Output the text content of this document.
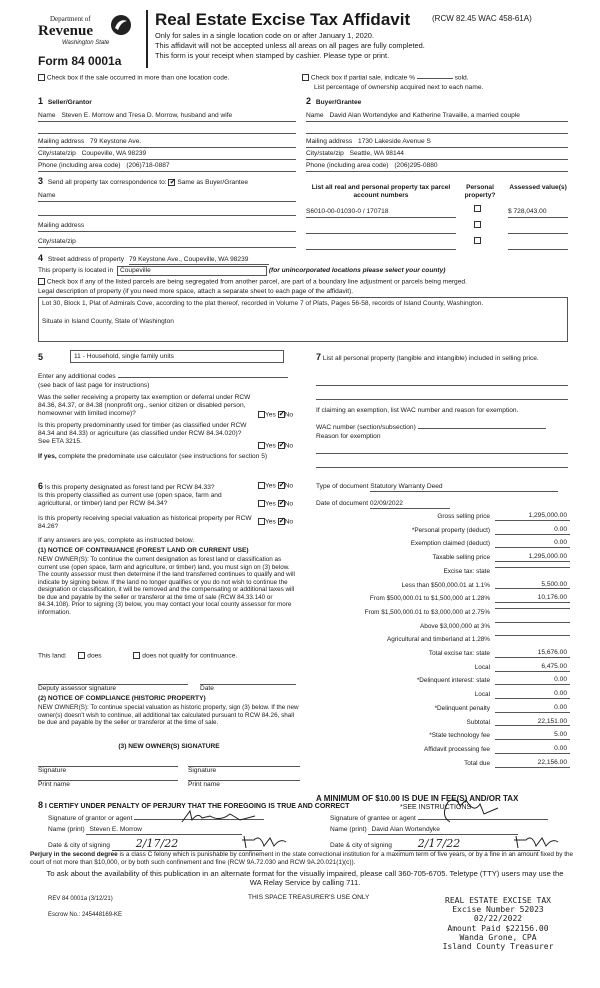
Department of
Revenue
Washington State
Form 84 0001a
Real Estate Excise Tax Affidavit	(RCW 82.45 WAC 458-61A)
Only for sales in a single location code on or after January 1, 2020.
This affidavit will not be accepted unless all areas on all pages are fully completed.
This form is your receipt when stamped by cashier. Please type or print.
Check box if the sale occurred in more than one location code.	Check box if partial sale, indicate %	sold.
List percentage of ownership acquired next to each name.
1 Seller/Grantor
Name Steven E. Morrow and Tresa D. Morrow, husband and wife
Mailing address 79 Keystone Ave.
City/state/zip Coupeville, WA 98239
Phone (including area code) (206)718-0887
2 Buyer/Grantee
Name David Alan Wortendyke and Katherine Travaille, a married couple
Mailing address 1730 Lakeside Avenue S
City/state/zip Seattle, WA 98144
Phone (including area code) (206)295-0880
3 Send all property tax correspondence to: ✓ Same as Buyer/Grantee
Name
Mailing address
City/state/zip
List all real and personal property tax parcel account numbers
Personal property?
Assessed value(s)
S6010-00-01030-0 / 170718	$ 728,043.00
4 Street address of property 79 Keystone Ave., Coupeville, WA 98239
This property is located in Coupeville	(for unincorporated locations please select your county)
Check box if any of the listed parcels are being segregated from another parcel, are part of a boundary line adjustment or parcels being merged.
Legal description of property (if you need more space, attach a separate sheet to each page of the affidavit).
Lot 30, Block 1, Plat of Admirals Cove, according to the plat thereof, recorded in Volume 7 of Plats, Pages 56-58, records of Island County, Washington.
Situate in Island County, State of Washington
5	11 - Household, single family units
Enter any additional codes
(see back of last page for instructions)
Was the seller receiving a property tax exemption or deferral under RCW 84.36, 84.37, or 84.38 (nonprofit org., senior citizen or disabled person, homeowner with limited income)?	Yes ✓ No
Is this property predominantly used for timber (as classified under RCW 84.34 and 84.33) or agriculture (as classified under RCW 84.34.020)? See ETA 3215.
Yes ✓ No
If yes, complete the predominate use calculator (see instructions for section 5)
7 List all personal property (tangible and intangible) included in selling price.
If claiming an exemption, list WAC number and reason for exemption.
WAC number (section/subsection)
Reason for exemption
6 Is this property designated as forest land per RCW 84.33?	Yes ✓ No
Is this property classified as current use (open space, farm and agricultural, or timber) land per RCW 84.34?	Yes ✓ No
Is this property receiving special valuation as historical property per RCW 84.26?
Yes ✓ No
If any answers are yes, complete as instructed below.
(1) NOTICE OF CONTINUANCE (FOREST LAND OR CURRENT USE)
NEW OWNER(S): To continue the current designation as forest land or classification as current use (open space, farm and agriculture, or timber) land, you must sign on (3) below. The county assessor must then determine if the land transferred continues to qualify and will indicate by signing below. If the land no longer qualifies or you do not wish to continue the designation or classification, it will be removed and the compensating or additional taxes will be due and payable by the seller or transferor at the time of sale (RCW 84.33.140 or 84.34.108). Prior to signing (3) below, you may contact your local county assessor for more information.
This land:	does	does not qualify for continuance.
Deputy assessor signature	Date
(2) NOTICE OF COMPLIANCE (HISTORIC PROPERTY)
NEW OWNER(S): To continue special valuation as historic property, sign (3) below. If the new owner(s) doesn't wish to continue, all additional tax calculated pursuant to RCW 84.26, shall be due and payable by the seller or transferor at the time of sale.
(3) NEW OWNER(S) SIGNATURE
Signature	Signature
Print name	Print name
Type of document Statutory Warranty Deed
Date of document 02/09/2022
Gross selling price	1,295,000.00
*Personal property (deduct)	0.00
Exemption claimed (deduct)	0.00
Taxable selling price	1,295,000.00
Excise tax: state
Less than $500,000.01 at 1.1%	5,500.00
From $500,000.01 to $1,500,000 at 1.28%	10,176.00
From $1,500,000.01 to $3,000,000 at 2.75%
Above $3,000,000 at 3%
Agricultural and timberland at 1.28%
Total excise tax: state	15,676.00
Local	6,475.00
*Delinquent interest: state	0.00
Local	0.00
*Delinquent penalty	0.00
Subtotal	22,151.00
*State technology fee	5.00
Affidavit processing fee	0.00
Total due	22,156.00
A MINIMUM OF $10.00 IS DUE IN FEE(S) AND/OR TAX
*SEE INSTRUCTIONS
8 I CERTIFY UNDER PENALTY OF PERJURY THAT THE FOREGOING IS TRUE AND CORRECT
Signature of grantor or agent
Name (print) Steven E. Morrow
Date & city of signing 2/17/22
Signature of grantee or agent
Name (print) David Alan Wortendyke
Date & city of signing 2/17/22
Perjury in the second degree is a class C felony which is punishable by confinement in the state correctional institution for a maximum term of five years, or by a fine in an amount fixed by the court of not more than $10,000, or by both such confinement and fine (RCW 9A.72.030 and RCW 9A.20.021(1)(c)).
To ask about the availability of this publication in an alternate format for the visually impaired, please call 360-705-6705. Teletype (TTY) users may use the WA Relay Service by calling 711.
REV 84 0001a (3/12/21)	THIS SPACE TREASURER'S USE ONLY
Escrow No.: 245448169-KE
REAL ESTATE EXCISE TAX
Excise Number 52023
02/22/2022
Amount Paid $22156.00
Wanda Grone, CPA
Island County Treasurer
